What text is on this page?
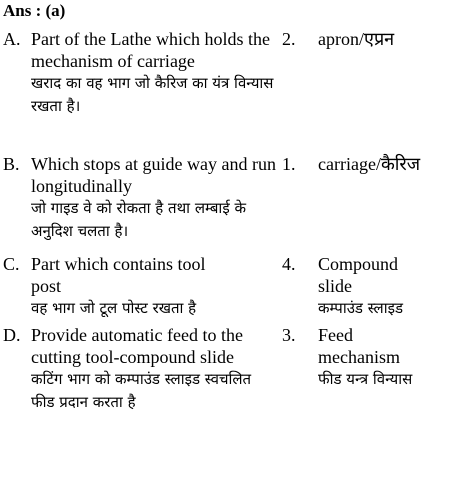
Ans : (a)
A. Part of the Lathe which holds the mechanism of carriage
खराद का वह भाग जो कैरिज का यंत्र विन्यास रखता है।
2. apron/एप्रन
B. Which stops at guide way and run longitudinally
जो गाइड वे को रोकता है तथा लम्बाई के अनुदिश चलता है।
1. carriage/कैरिज
C. Part which contains tool post
वह भाग जो टूल पोस्ट रखता है
4. Compound slide
कम्पाउंड स्लाइड
D. Provide automatic feed to the cutting tool-compound slide
कटिंग भाग को कम्पाउंड स्लाइड स्वचलित फीड प्रदान करता है
3. Feed mechanism
फीड यन्त्र विन्यास
